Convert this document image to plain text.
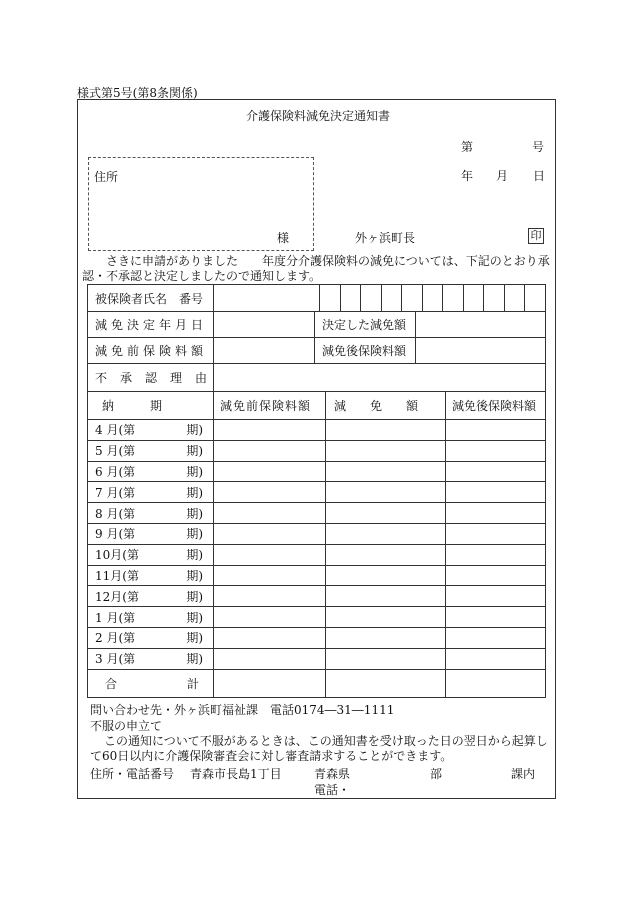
様式第5号(第8条関係)
介護保険料減免決定通知書
第	号
年 月 日
住所
様	外ヶ浜町長	印
さきに申請がありました　　年度分介護保険料の減免については、下記のとおり承
認・不承認と決定しましたので通知します。
被保険者氏名　番号	

減免決定年月日		決定した減免額	
減免前保険料額		減免後保険料額	
不承認理由	
納　　　期	減免前保険料額	減　　免　　額	減免後保険料額
4 月(第 期)			

5 月(第 期)			

6 月(第 期)			

7 月(第 期)			

8 月(第 期)			

9 月(第 期)			

10月(第 期)			

11月(第 期)			

12月(第 期)			

1 月(第 期)			

2 月(第 期)			

3 月(第 期)			

合 計			

問い合わせ先・外ヶ浜町福祉課　電話0174―31―1111
不服の申立て
この通知について不服があるときは、この通知書を受け取った日の翌日から起算し
て60日以内に介護保険審査会に対し審査請求することができます。
住所・電話番号 青森市長島1丁目	青森県	部	課内
電話・
